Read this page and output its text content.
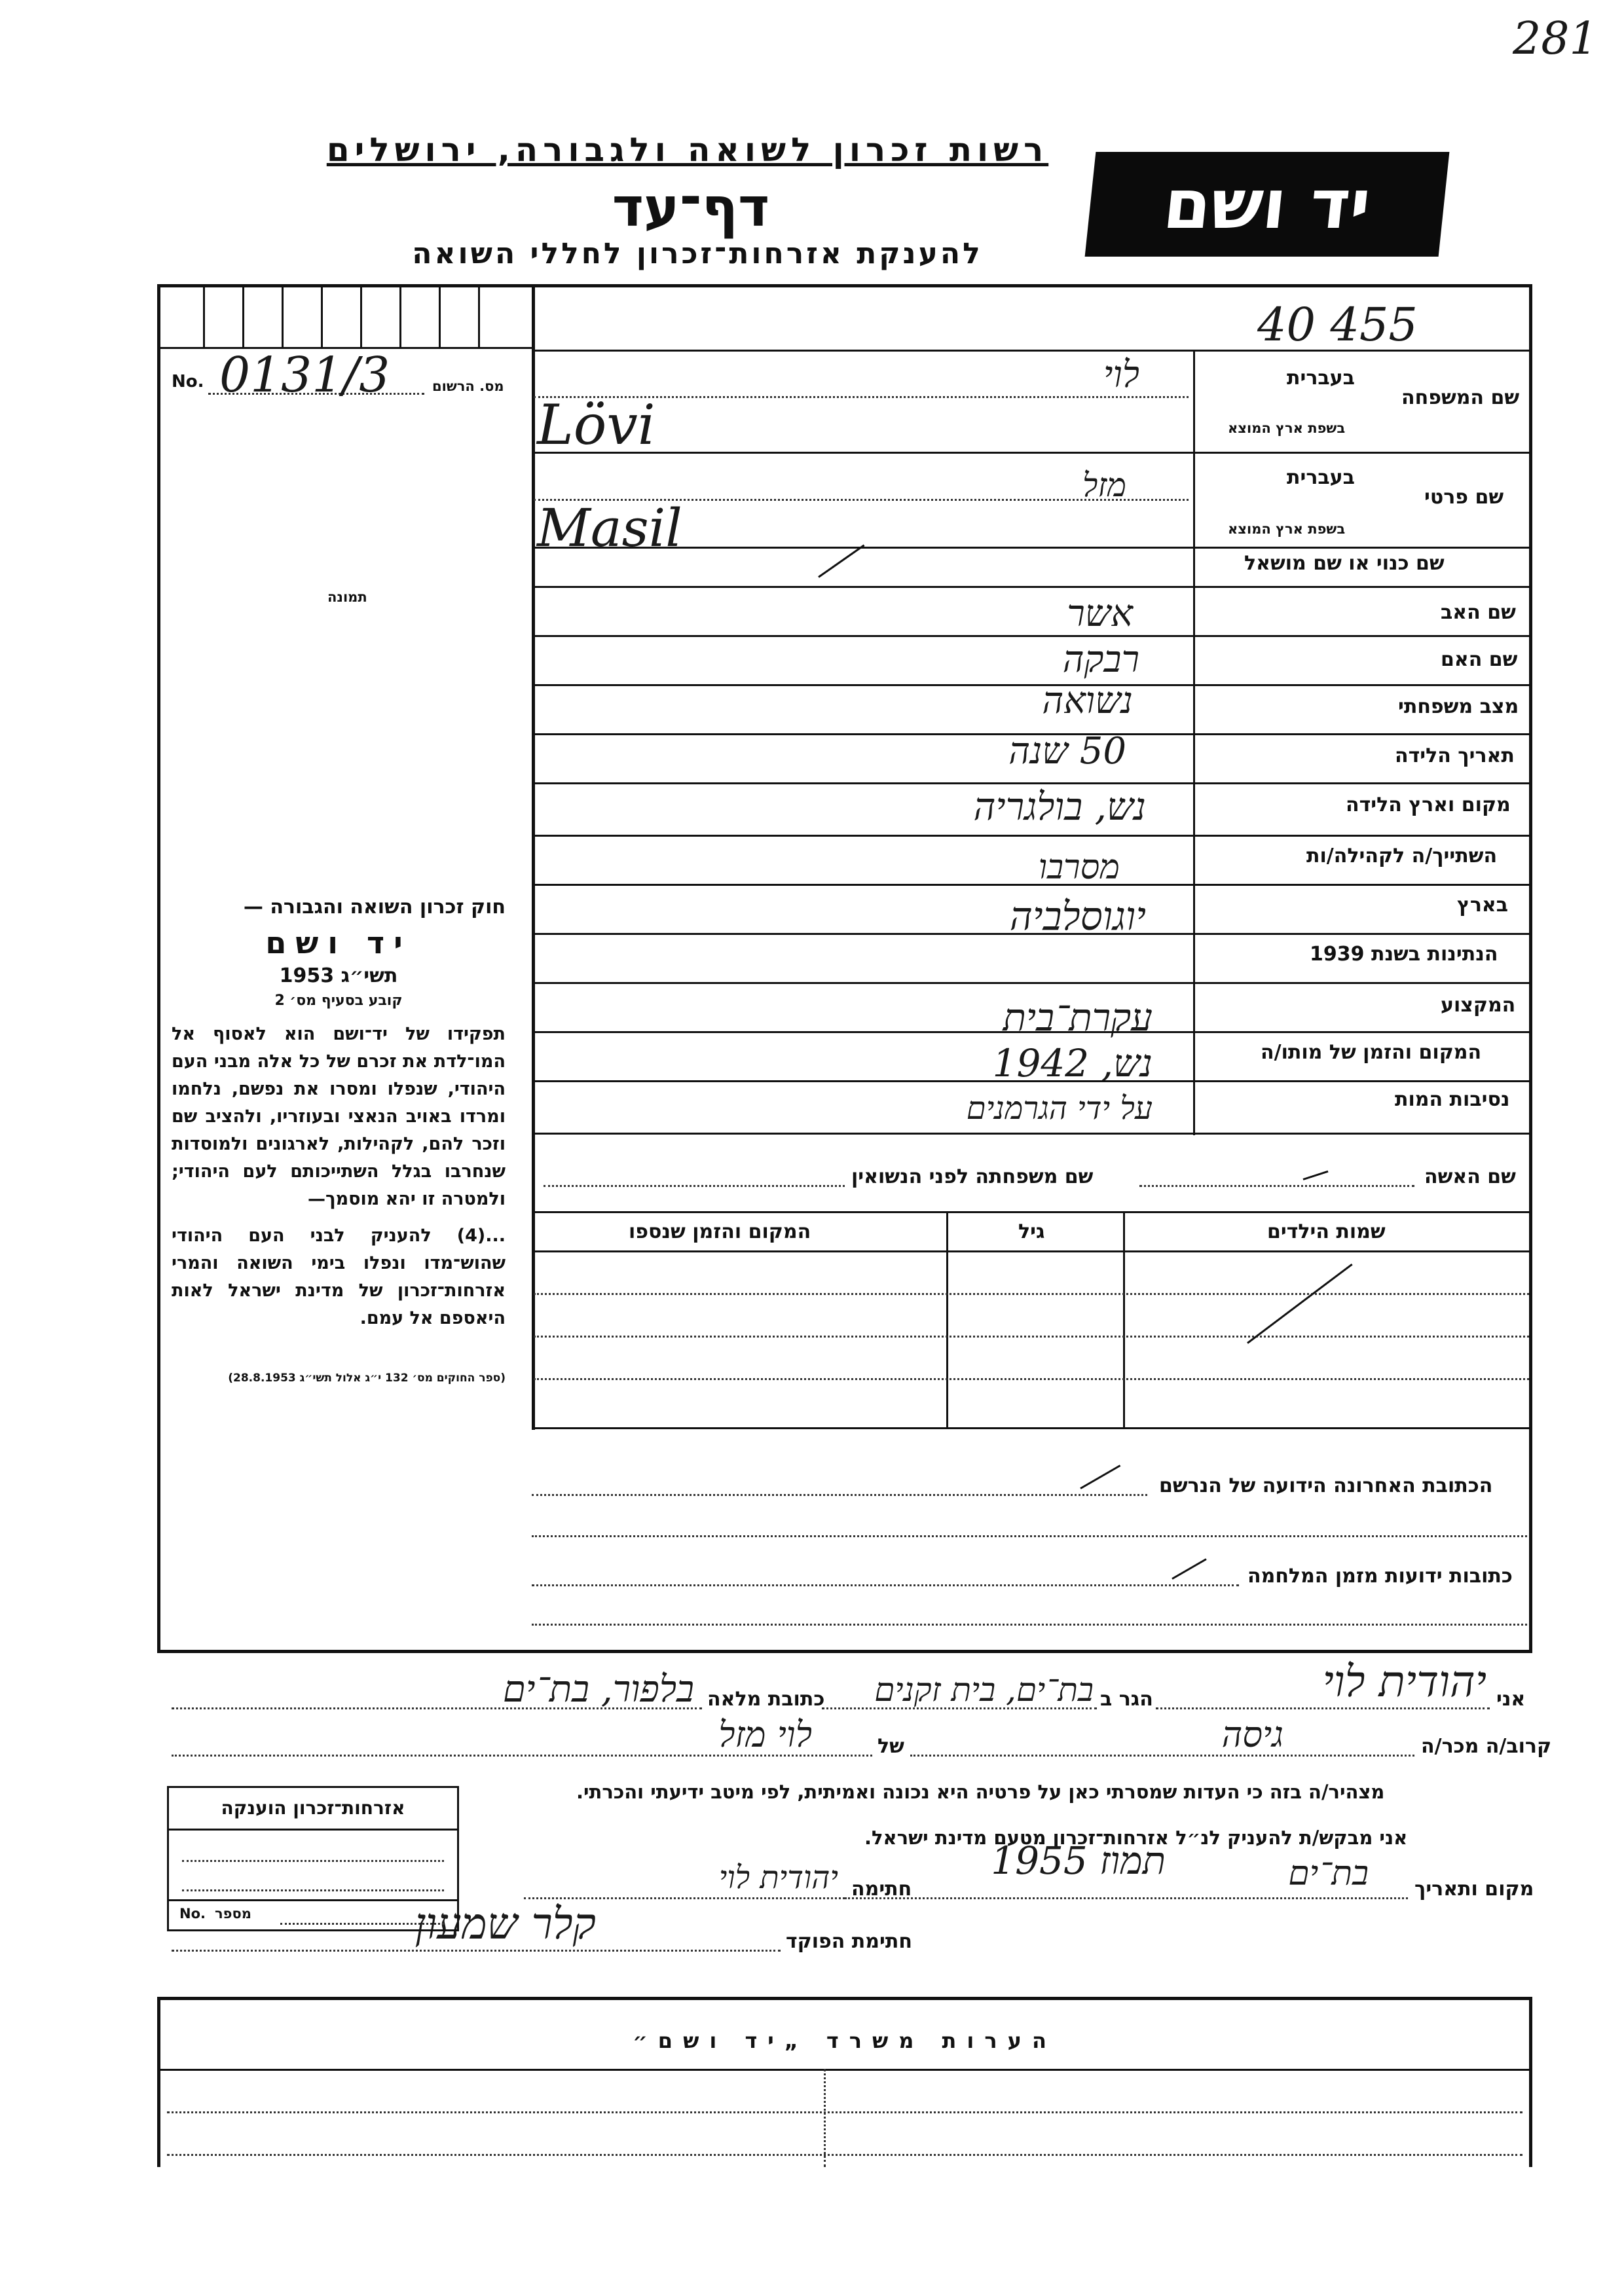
281
רשות זכרון לשואה ולגבורה, ירושלים
דף־עד
להענקת אזרחות־זכרון לחללי השואה
יד ושם
No. 0131/3	מס. הרשום
תמונה

חוק זכרון השואה והגבורה —

יד ושם

תשי״ג 1953

קובע בסעיף מס׳ 2

תפקידו של יד־ושם הוא לאסוף אל המו־לדת את זכרם של כל אלה מבני העם היהודי, שנפלו ומסרו את נפשם, נלחמו ומרדו באויב הנאצי ובעוזריו, ולהציב שם וזכר להם, לקהילות, לארגונים ולמוסדות שנחרבו בגלל השתייכותם לעם היהודי; ולמטרה זו יהא מוסמך—

...(4) להעניק לבני העם היהודי שהוש־מדו ונפלו בימי השואה והמרי אזרחות־זכרון של מדינת ישראל לאות היאספם אל עמם.

(ספר החוקים מס׳ 132 י״ג אלול תשי״ג 28.8.1953)

40 455
בעברית
שם המשפחה
בשפת ארץ המוצא
לוי
Lövi
בעברית
שם פרטי
בשפת ארץ המוצא
מזל
Masil
שם כנוי או שם מושאל
שם האב
אשר
שם האם
רבקה
מצב משפחתי
נשואה
תאריך הלידה
50 שנה
מקום וארץ הלידה
נש, בולגריה
השתייך/ה לקהילה/ות
מסרבו
בארץ
יוגוסלביה
הנתינות בשנת 1939
המקצוע
עקרת־בית
המקום והזמן של מותו/ה
נש, 1942
נסיבות המות
על ידי הגרמנים
שם האשה
שם משפחתה לפני הנשואין
שמות הילדים
גיל
המקום והזמן שנספו
הכתובת האחרונה הידועה של הנרשם
כתובות ידועות מזמן המלחמה
אני
יהודית לוי
הגר ב
בת־ים, בית זקנים
כתובת מלאה
בלפור, בת־ים
קרוב/ה מכר/ה
גיסה
של
לוי מזל
מצהיר/ה בזה כי העדות שמסרתי כאן על פרטיה היא נכונה ואמיתית, לפי מיטב ידיעתי והכרתי.
אני מבקש/ת להעניק לנ״ל אזרחות־זכרון מטעם מדינת ישראל.
מקום ותאריך
בת־ים
תמוז 1955
חתימה
יהודית לוי
חתימת הפוקד
קלר שמעון
אזרחות־זכרון הוענקה
מספר
No.
הערות משרד „יד ושם״
